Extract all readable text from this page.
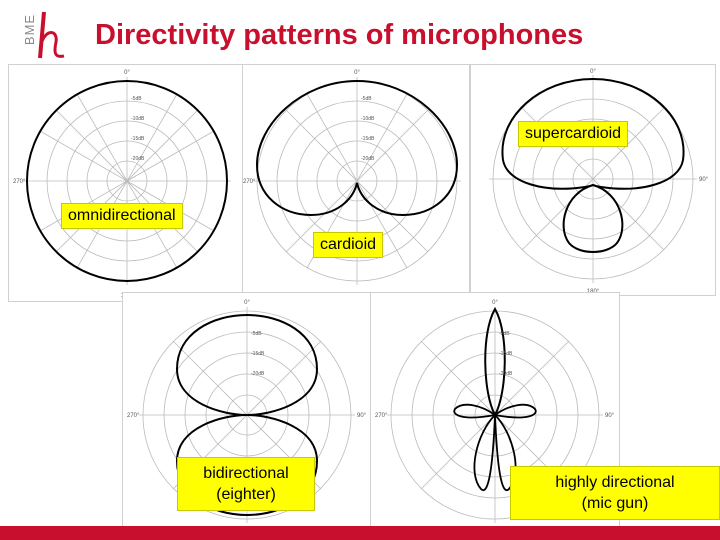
BME Directivity patterns of microphones
0°
270°
-5dB
-10dB
-15dB
-20dB
0°
270°
-5dB
-10dB
-15dB
-20dB
0°
90°
0°
90°
270°
-5dB
-15dB
-20dB
0°
90°
270°
-5dB
-15dB
-20dB
supercardioid
omnidirectional
cardioid
bidirectional
(eighter)
highly directional
(mic gun)
